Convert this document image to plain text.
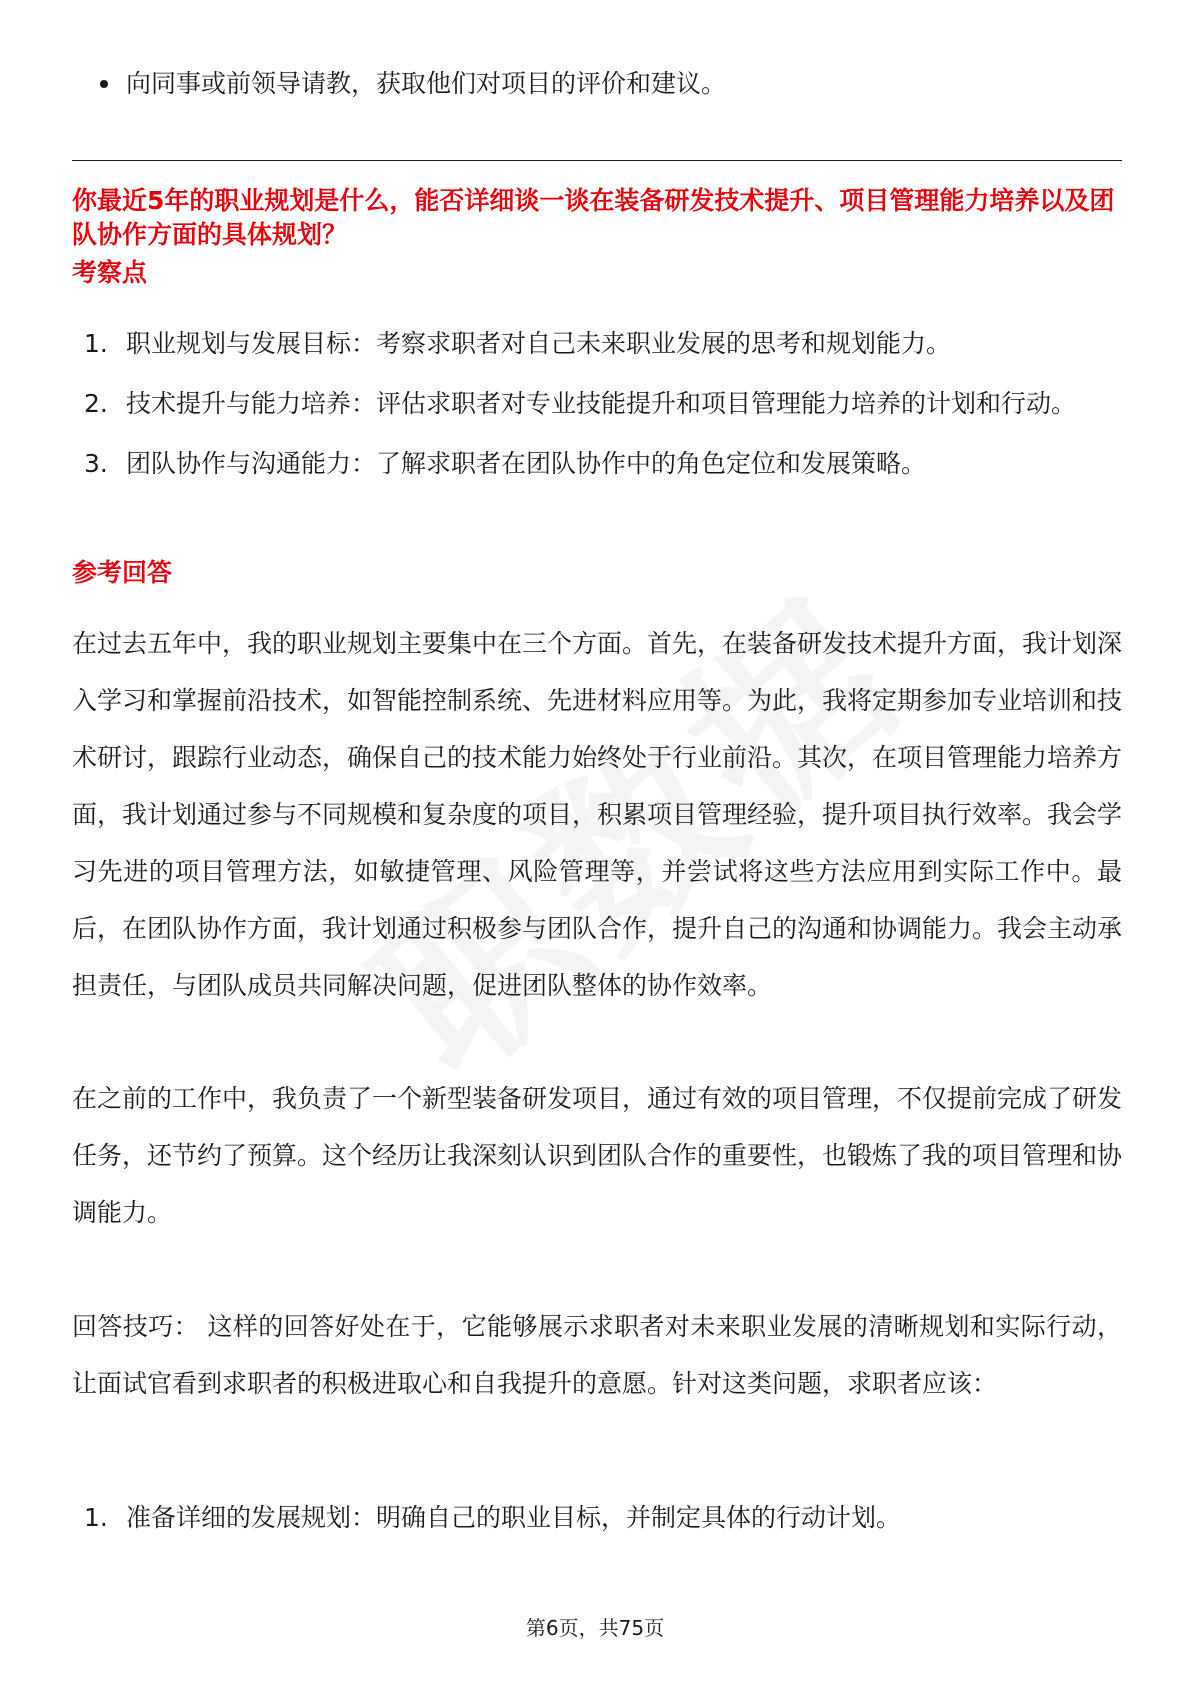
向同事或前领导请教，获取他们对项目的评价和建议。

你最近5年的职业规划是什么，能否详细谈一谈在装备研发技术提升、项目管理能力培养以及团队协作方面的具体规划？

考察点
1. 职业规划与发展目标：考察求职者对自己未来职业发展的思考和规划能力。
2. 技术提升与能力培养：评估求职者对专业技能提升和项目管理能力培养的计划和行动。
3. 团队协作与沟通能力：了解求职者在团队协作中的角色定位和发展策略。
参考回答

在过去五年中，我的职业规划主要集中在三个方面。首先，在装备研发技术提升方面，我计划深入学习和掌握前沿技术，如智能控制系统、先进材料应用等。为此，我将定期参加专业培训和技术研讨，跟踪行业动态，确保自己的技术能力始终处于行业前沿。其次，在项目管理能力培养方面，我计划通过参与不同规模和复杂度的项目，积累项目管理经验，提升项目执行效率。我会学习先进的项目管理方法，如敏捷管理、风险管理等，并尝试将这些方法应用到实际工作中。最后，在团队协作方面，我计划通过积极参与团队合作，提升自己的沟通和协调能力。我会主动承担责任，与团队成员共同解决问题，促进团队整体的协作效率。

在之前的工作中，我负责了一个新型装备研发项目，通过有效的项目管理，不仅提前完成了研发任务，还节约了预算。这个经历让我深刻认识到团队合作的重要性，也锻炼了我的项目管理和协调能力。

回答技巧： 这样的回答好处在于，它能够展示求职者对未来职业发展的清晰规划和实际行动，让面试官看到求职者的积极进取心和自我提升的意愿。针对这类问题，求职者应该：

1. 准备详细的发展规划：明确自己的职业目标，并制定具体的行动计划。
第6页，共75页
